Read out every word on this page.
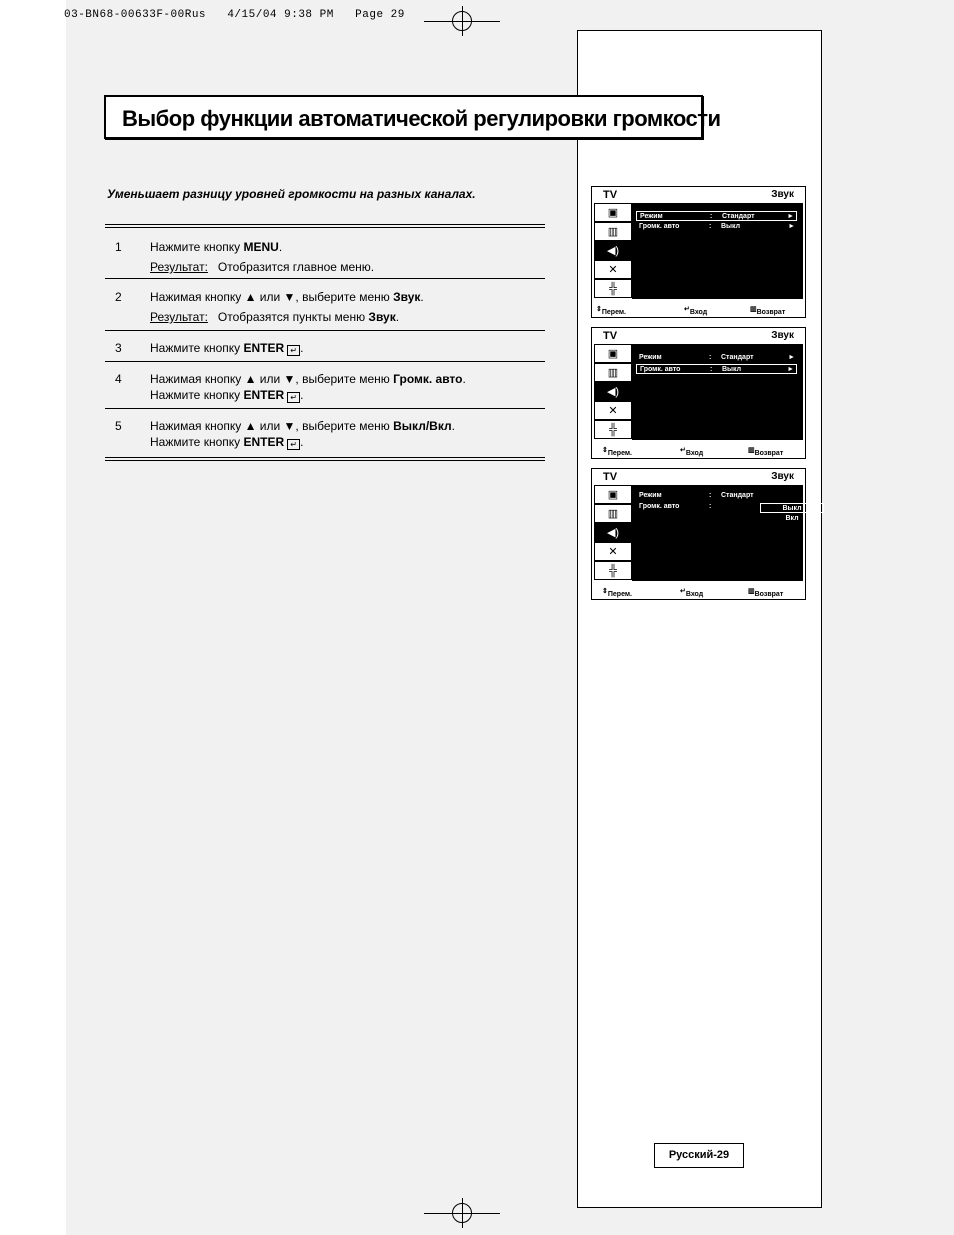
03-BN68-00633F-00Rus   4/15/04 9:38 PM   Page 29
Выбор функции автоматической регулировки громкости
Уменьшает разницу уровней громкости на разных каналах.
1 Нажмите кнопку MENU.
Результат: Отобразится главное меню.
2 Нажимая кнопку ▲ или ▼, выберите меню Звук.
Результат: Отобразятся пункты меню Звук.
3 Нажмите кнопку ENTER ↵ .
4 Нажимая кнопку ▲ или ▼, выберите меню Громк. авто.
Нажмите кнопку ENTER ↵ .
5 Нажимая кнопку ▲ или ▼, выберите меню Выкл/Вкл.
Нажмите кнопку ENTER ↵ .
TV	Звук
▣
▥
◀)
✕
╬
Режим	: Стандарт	►
Громк. авто	: Выкл	►
⇕ Перем.	↵ Вход	▥ Возврат
TV	Звук
▣
▥
◀)
✕
╬
Режим	: Стандарт	►
Громк. авто	: Выкл	►
⇕ Перем.	↵ Вход	▥ Возврат
TV	Звук
▣
▥
◀)
✕
╬
Режим	: Стандарт
Громк. авто	:	Выкл
Вкл
⇕ Перем.	↵ Вход	▥ Возврат
Русский-29
